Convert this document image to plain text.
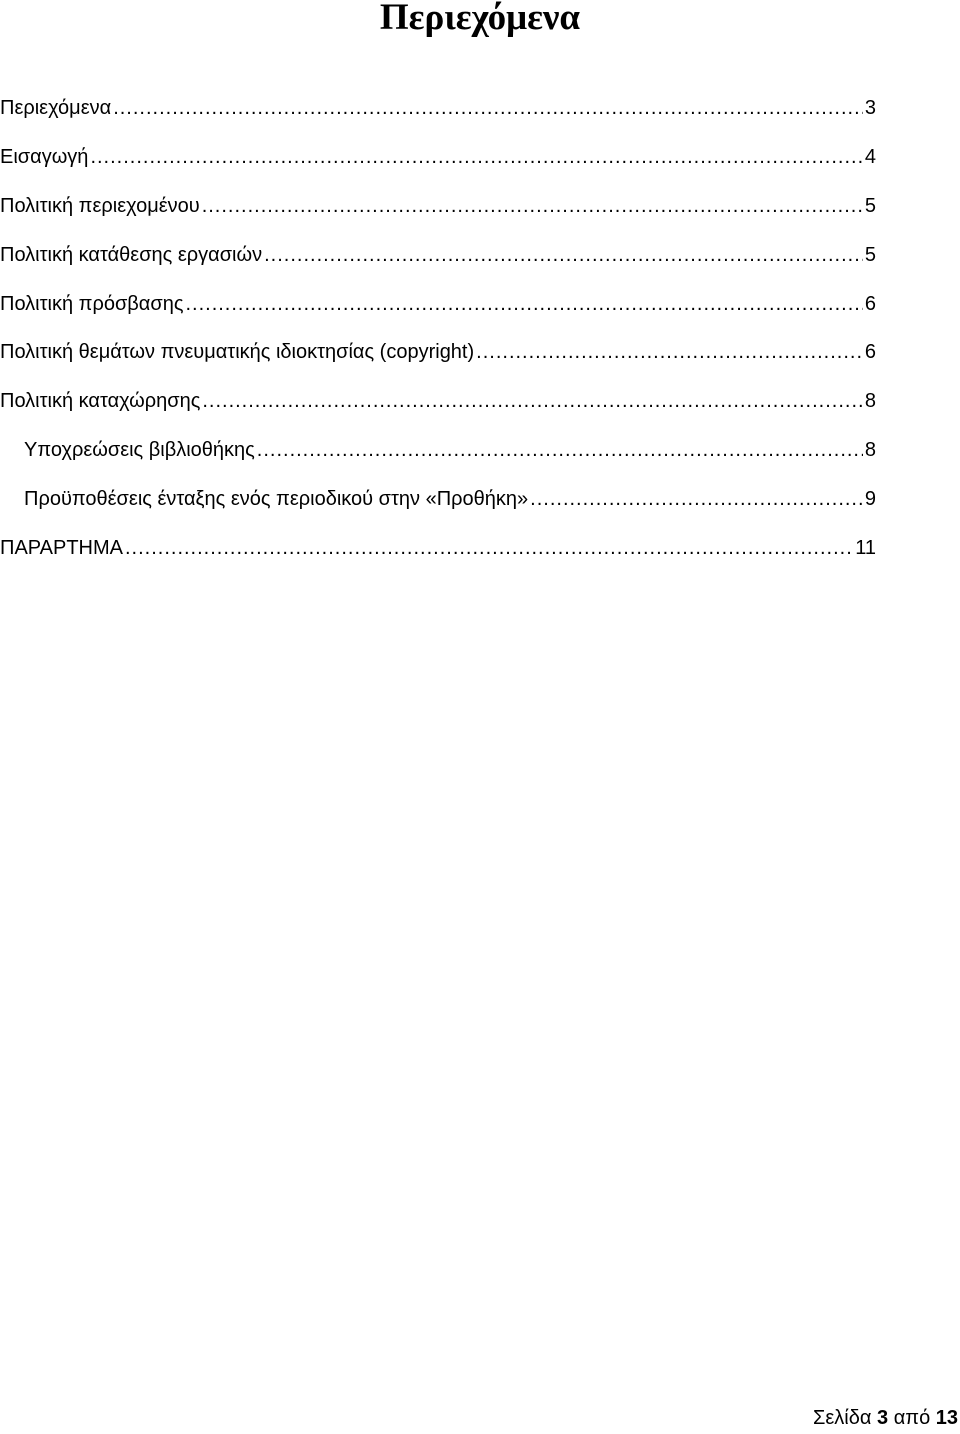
Περιεχόμενα
Περιεχόμενα .....	3
Εισαγωγή .....	4
Πολιτική περιεχομένου .....	5
Πολιτική κατάθεσης εργασιών .....	5
Πολιτική πρόσβασης .....	6
Πολιτική θεμάτων πνευματικής ιδιοκτησίας (copyright) .....	6
Πολιτική καταχώρησης .....	8
Υποχρεώσεις βιβλιοθήκης .....	8
Προϋποθέσεις ένταξης ενός περιοδικού στην «Προθήκη» .....	9
ΠΑΡΑΡΤΗΜΑ .....	11
Σελίδα 3 από 13
